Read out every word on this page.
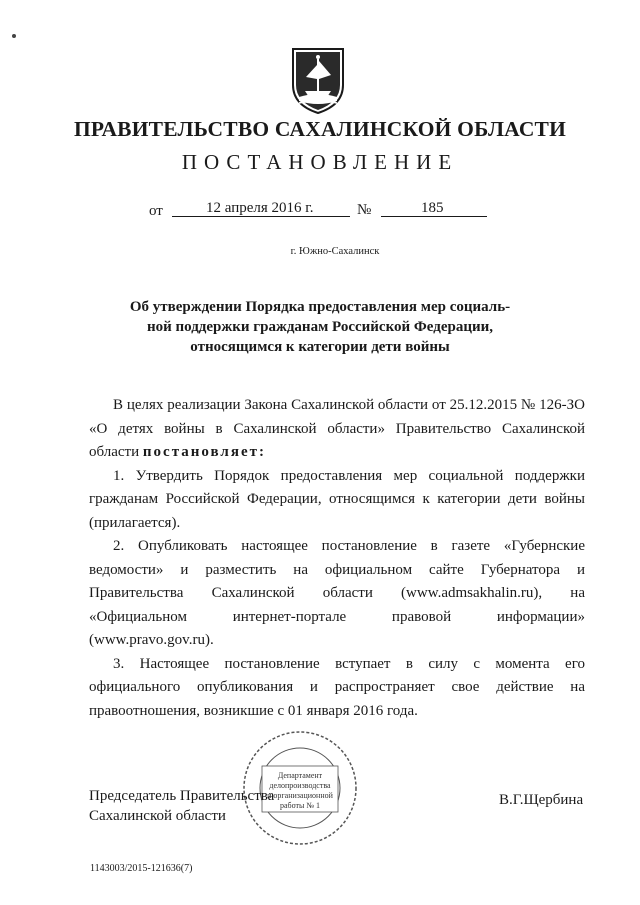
ПРАВИТЕЛЬСТВО САХАЛИНСКОЙ ОБЛАСТИ
ПОСТАНОВЛЕНИЕ
от	12 апреля 2016 г.	№	185
г. Южно-Сахалинск
Об утверждении Порядка предоставления мер социаль-
ной поддержки гражданам Российской Федерации,
относящимся к категории дети войны

В целях реализации Закона Сахалинской области от 25.12.2015 № 126-ЗО «О детях войны в Сахалинской области» Правительство Сахалинской области постановляет:

1. Утвердить Порядок предоставления мер социальной поддержки гражданам Российской Федерации, относящимся к категории дети войны (прилагается).

2. Опубликовать настоящее постановление в газете «Губернские ведомости» и разместить на официальном сайте Губернатора и Правительства Сахалинской области (www.admsakhalin.ru), на «Официальном интернет-портале правовой информации» (www.pravo.gov.ru).

3. Настоящее постановление вступает в силу с момента его официального опубликования и распространяет свое действие на правоотношения, возникшие с 01 января 2016 года.

Департамент
делопроизводства
и организационной
работы № 1
Председатель Правительства
Сахалинской области
В.Г.Щербина
1143003/2015-121636(7)
